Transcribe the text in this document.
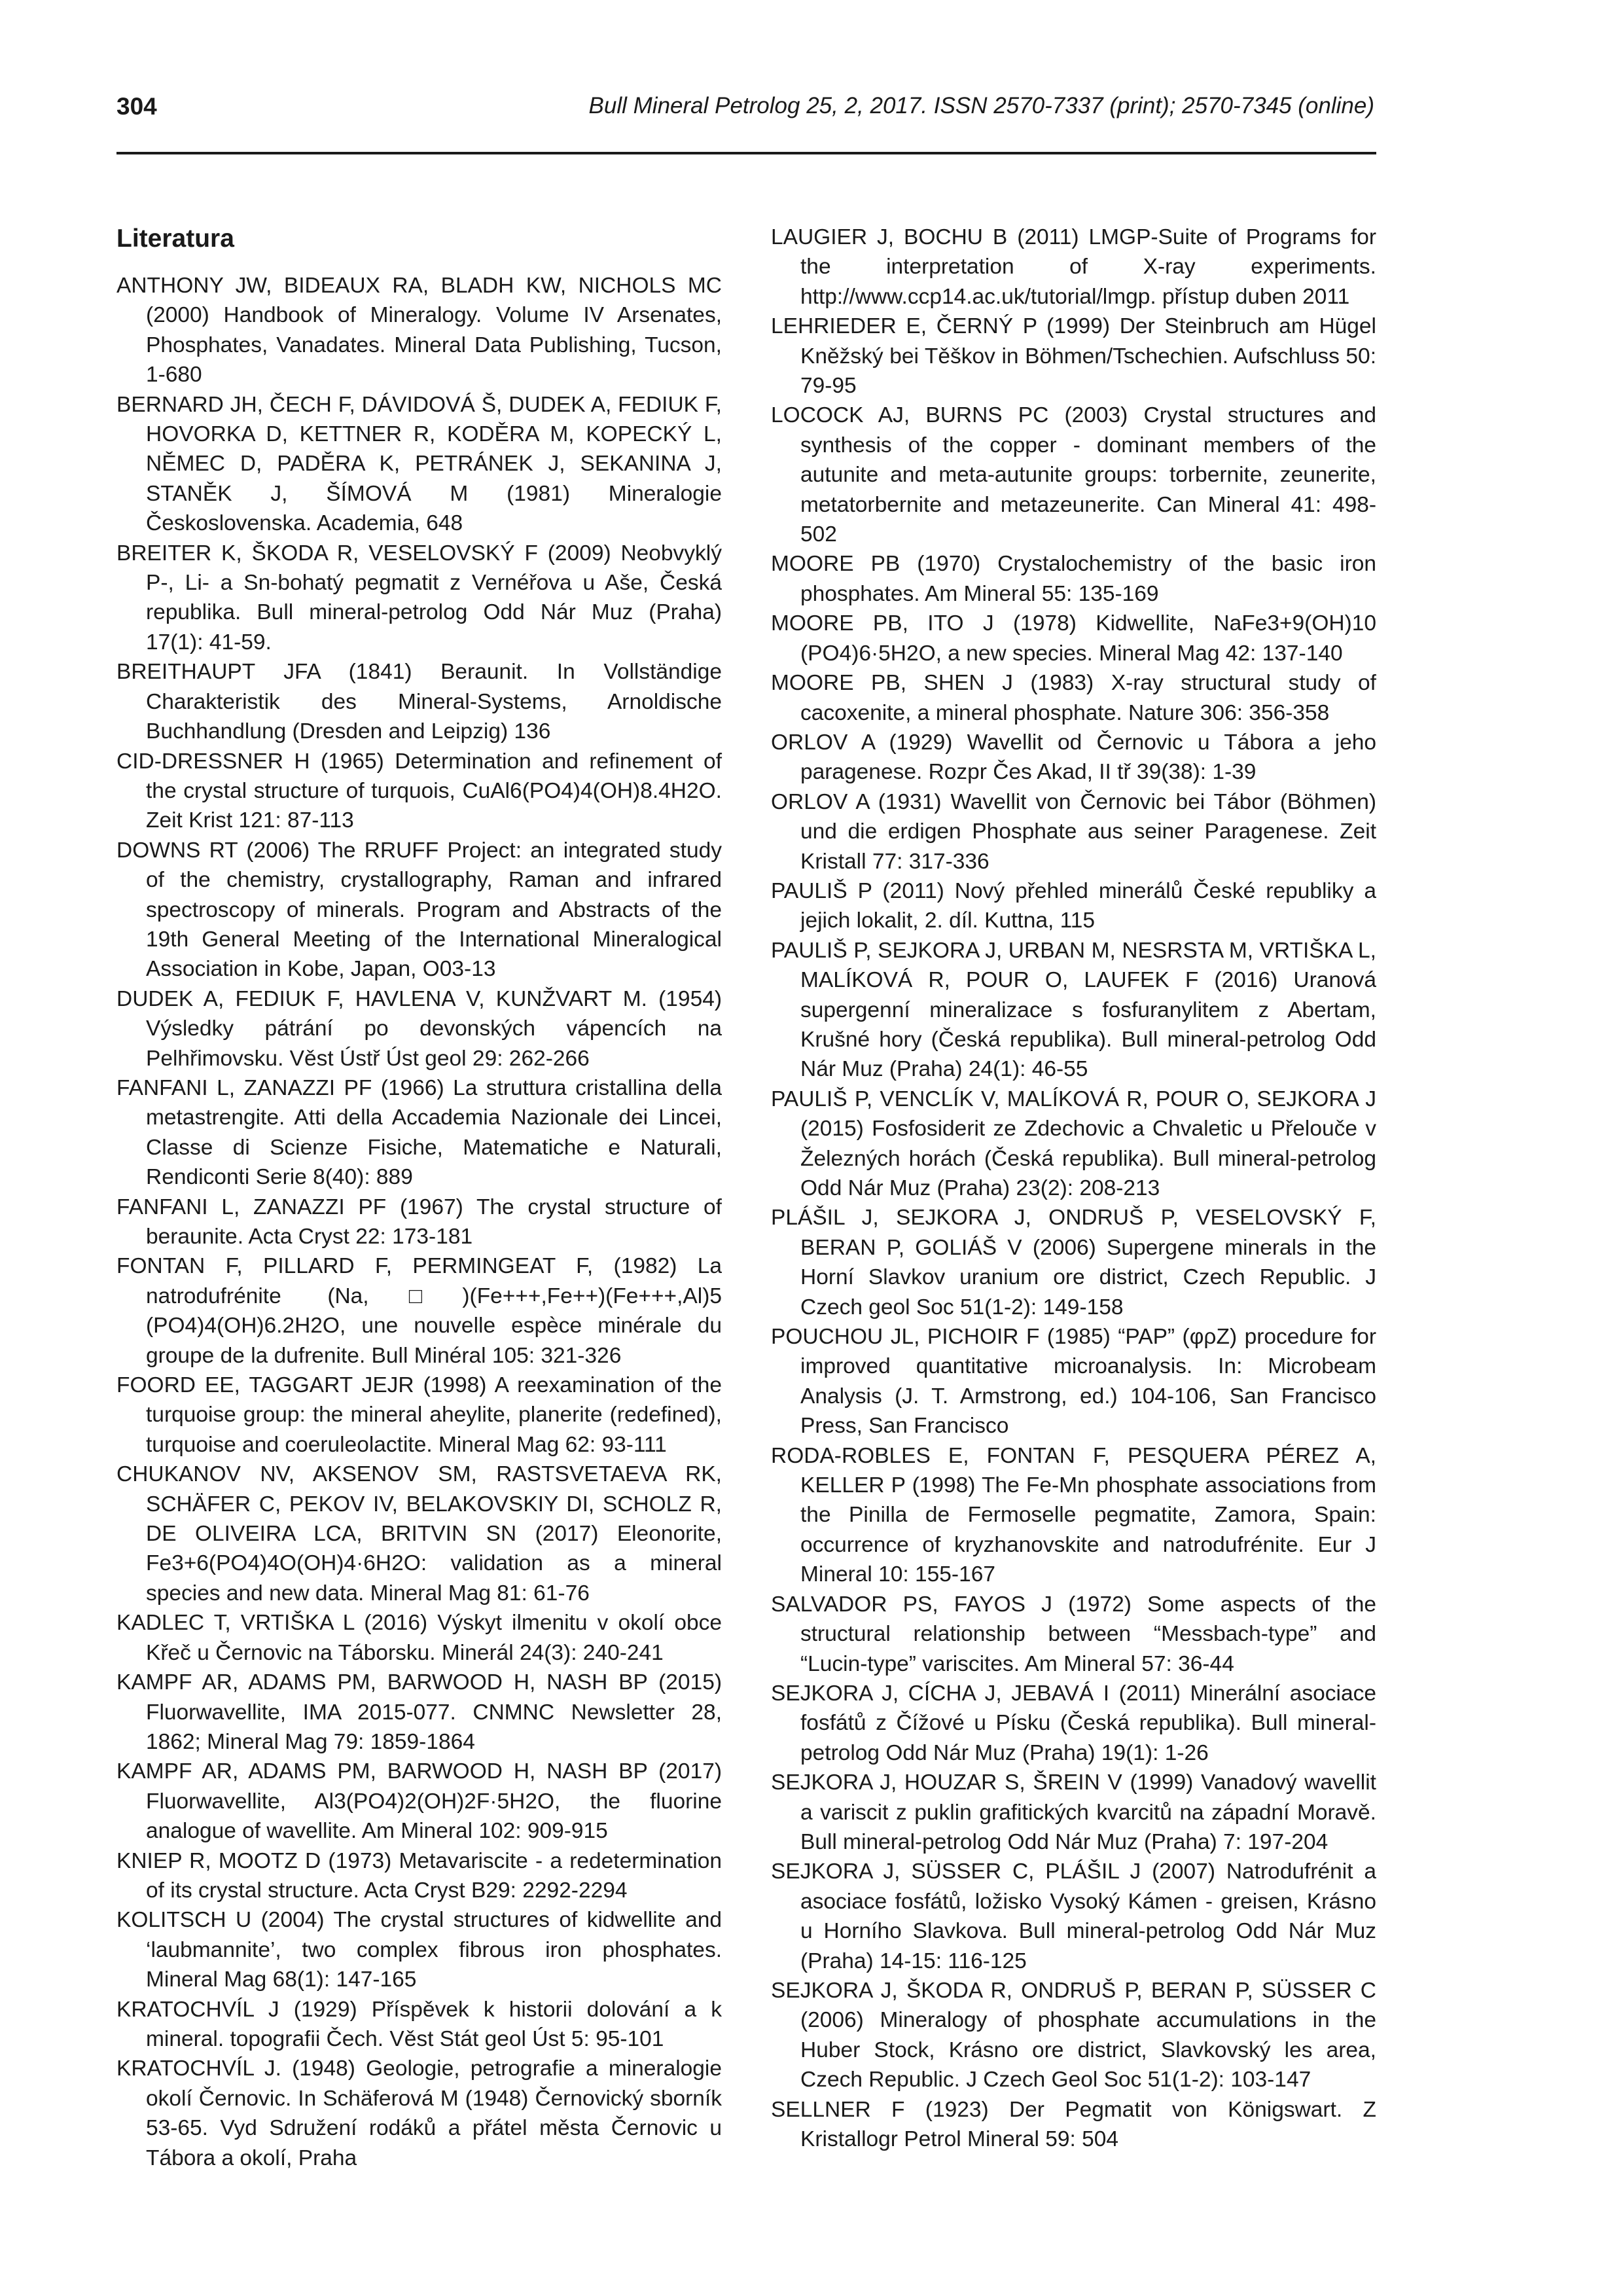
304	Bull Mineral Petrolog 25, 2, 2017. ISSN 2570-7337 (print); 2570-7345 (online)
Literatura
ANTHONY JW, BIDEAUX RA, BLADH KW, NICHOLS MC (2000) Handbook of Mineralogy. Volume IV Arsenates, Phosphates, Vanadates. Mineral Data Publishing, Tucson, 1-680
BERNARD JH, ČECH F, DÁVIDOVÁ Š, DUDEK A, FEDIUK F, HOVORKA D, KETTNER R, KODĚRA M, KOPECKÝ L, NĚMEC D, PADĚRA K, PETRÁNEK J, SEKANINA J, STANĚK J, ŠÍMOVÁ M (1981) Mineralogie Československa. Academia, 648
BREITER K, ŠKODA R, VESELOVSKÝ F (2009) Neobvyklý P-, Li- a Sn-bohatý pegmatit z Vernéřova u Aše, Česká republika. Bull mineral-petrolog Odd Nár Muz (Praha) 17(1): 41-59.
BREITHAUPT JFA (1841) Beraunit. In Vollständige Charakteristik des Mineral-Systems, Arnoldische Buchhandlung (Dresden and Leipzig) 136
CID-DRESSNER H (1965) Determination and refinement of the crystal structure of turquois, CuAl6(PO4)4(OH)8.4H2O. Zeit Krist 121: 87-113
DOWNS RT (2006) The RRUFF Project: an integrated study of the chemistry, crystallography, Raman and infrared spectroscopy of minerals. Program and Abstracts of the 19th General Meeting of the International Mineralogical Association in Kobe, Japan, O03-13
DUDEK A, FEDIUK F, HAVLENA V, KUNŽVART M. (1954) Výsledky pátrání po devonských vápencích na Pelhřimovsku. Věst Ústř Úst geol 29: 262-266
FANFANI L, ZANAZZI PF (1966) La struttura cristallina della metastrengite. Atti della Accademia Nazionale dei Lincei, Classe di Scienze Fisiche, Matematiche e Naturali, Rendiconti Serie 8(40): 889
FANFANI L, ZANAZZI PF (1967) The crystal structure of beraunite. Acta Cryst 22: 173-181
FONTAN F, PILLARD F, PERMINGEAT F, (1982) La natrodufrénite (Na,□)(Fe+++,Fe++)(Fe+++,Al)5 (PO4)4(OH)6.2H2O, une nouvelle espèce minérale du groupe de la dufrenite. Bull Minéral 105: 321-326
FOORD EE, TAGGART JEJR (1998) A reexamination of the turquoise group: the mineral aheylite, planerite (redefined), turquoise and coeruleolactite. Mineral Mag 62: 93-111
CHUKANOV NV, AKSENOV SM, RASTSVETAEVA RK, SCHÄFER C, PEKOV IV, BELAKOVSKIY DI, SCHOLZ R, DE OLIVEIRA LCA, BRITVIN SN (2017) Eleonorite, Fe3+6(PO4)4O(OH)4·6H2O: validation as a mineral species and new data. Mineral Mag 81: 61-76
KADLEC T, VRTIŠKA L (2016) Výskyt ilmenitu v okolí obce Křeč u Černovic na Táborsku. Minerál 24(3): 240-241
KAMPF AR, ADAMS PM, BARWOOD H, NASH BP (2015) Fluorwavellite, IMA 2015-077. CNMNC Newsletter 28, 1862; Mineral Mag 79: 1859-1864
KAMPF AR, ADAMS PM, BARWOOD H, NASH BP (2017) Fluorwavellite, Al3(PO4)2(OH)2F·5H2O, the fluorine analogue of wavellite. Am Mineral 102: 909-915
KNIEP R, MOOTZ D (1973) Metavariscite - a redetermination of its crystal structure. Acta Cryst B29: 2292-2294
KOLITSCH U (2004) The crystal structures of kidwellite and ‘laubmannite’, two complex fibrous iron phosphates. Mineral Mag 68(1): 147-165
KRATOCHVÍL J (1929) Příspěvek k historii dolování a k mineral. topografii Čech. Věst Stát geol Úst 5: 95-101
KRATOCHVÍL J. (1948) Geologie, petrografie a mineralogie okolí Černovic. In Schäferová M (1948) Černovický sborník 53-65. Vyd Sdružení rodáků a přátel města Černovic u Tábora a okolí, Praha
LAUGIER J, BOCHU B (2011) LMGP-Suite of Programs for the interpretation of X-ray experiments. http://www.ccp14.ac.uk/tutorial/lmgp. přístup duben 2011
LEHRIEDER E, ČERNÝ P (1999) Der Steinbruch am Hügel Kněžský bei Těškov in Böhmen/Tschechien. Aufschluss 50: 79-95
LOCOCK AJ, BURNS PC (2003) Crystal structures and synthesis of the copper - dominant members of the autunite and meta-autunite groups: torbernite, zeunerite, metatorbernite and metazeunerite. Can Mineral 41: 498-502
MOORE PB (1970) Crystalochemistry of the basic iron phosphates. Am Mineral 55: 135-169
MOORE PB, ITO J (1978) Kidwellite, NaFe3+9(OH)10 (PO4)6·5H2O, a new species. Mineral Mag 42: 137-140
MOORE PB, SHEN J (1983) X-ray structural study of cacoxenite, a mineral phosphate. Nature 306: 356-358
ORLOV A (1929) Wavellit od Černovic u Tábora a jeho paragenese. Rozpr Čes Akad, II tř 39(38): 1-39
ORLOV A (1931) Wavellit von Černovic bei Tábor (Böhmen) und die erdigen Phosphate aus seiner Paragenese. Zeit Kristall 77: 317-336
PAULIŠ P (2011) Nový přehled minerálů České republiky a jejich lokalit, 2. díl. Kuttna, 115
PAULIŠ P, SEJKORA J, URBAN M, NESRSTA M, VRTIŠKA L, MALÍKOVÁ R, POUR O, LAUFEK F (2016) Uranová supergenní mineralizace s fosfuranylitem z Abertam, Krušné hory (Česká republika). Bull mineral-petrolog Odd Nár Muz (Praha) 24(1): 46-55
PAULIŠ P, VENCLÍK V, MALÍKOVÁ R, POUR O, SEJKORA J (2015) Fosfosiderit ze Zdechovic a Chvaletic u Přelouče v Železných horách (Česká republika). Bull mineral-petrolog Odd Nár Muz (Praha) 23(2): 208-213
PLÁŠIL J, SEJKORA J, ONDRUŠ P, VESELOVSKÝ F, BERAN P, GOLIÁŠ V (2006) Supergene minerals in the Horní Slavkov uranium ore district, Czech Republic. J Czech geol Soc 51(1-2): 149-158
POUCHOU JL, PICHOIR F (1985) “PAP” (φρZ) procedure for improved quantitative microanalysis. In: Microbeam Analysis (J. T. Armstrong, ed.) 104-106, San Francisco Press, San Francisco
RODA-ROBLES E, FONTAN F, PESQUERA PÉREZ A, KELLER P (1998) The Fe-Mn phosphate associations from the Pinilla de Fermoselle pegmatite, Zamora, Spain: occurrence of kryzhanovskite and natrodufrénite. Eur J Mineral 10: 155-167
SALVADOR PS, FAYOS J (1972) Some aspects of the structural relationship between “Messbach-type” and “Lucin-type” variscites. Am Mineral 57: 36-44
SEJKORA J, CÍCHA J, JEBAVÁ I (2011) Minerální asociace fosfátů z Čížové u Písku (Česká republika). Bull mineral-petrolog Odd Nár Muz (Praha) 19(1): 1-26
SEJKORA J, HOUZAR S, ŠREIN V (1999) Vanadový wavellit a variscit z puklin grafitických kvarcitů na západní Moravě. Bull mineral-petrolog Odd Nár Muz (Praha) 7: 197-204
SEJKORA J, SÜSSER C, PLÁŠIL J (2007) Natrodufrénit a asociace fosfátů, ložisko Vysoký Kámen - greisen, Krásno u Horního Slavkova. Bull mineral-petrolog Odd Nár Muz (Praha) 14-15: 116-125
SEJKORA J, ŠKODA R, ONDRUŠ P, BERAN P, SÜSSER C (2006) Mineralogy of phosphate accumulations in the Huber Stock, Krásno ore district, Slavkovský les area, Czech Republic. J Czech Geol Soc 51(1-2): 103-147
SELLNER F (1923) Der Pegmatit von Königswart. Z Kristallogr Petrol Mineral 59: 504
